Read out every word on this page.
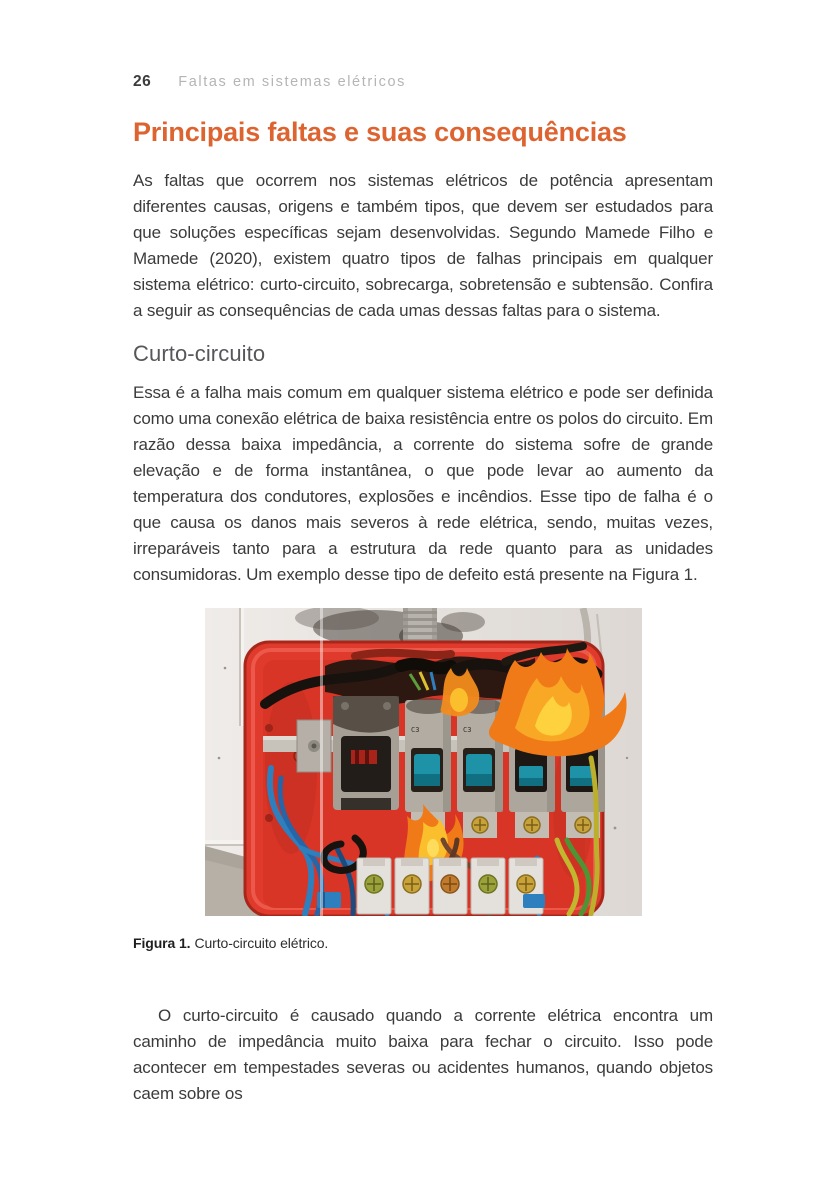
26 Faltas em sistemas elétricos
Principais faltas e suas consequências

As faltas que ocorrem nos sistemas elétricos de potência apresentam diferentes causas, origens e também tipos, que devem ser estudados para que soluções específicas sejam desenvolvidas. Segundo Mamede Filho e Mamede (2020), existem quatro tipos de falhas principais em qualquer sistema elétrico: curto-circuito, sobrecarga, sobretensão e subtensão. Confira a seguir as consequências de cada umas dessas faltas para o sistema.

Curto-circuito

Essa é a falha mais comum em qualquer sistema elétrico e pode ser definida como uma conexão elétrica de baixa resistência entre os polos do circuito. Em razão dessa baixa impedância, a corrente do sistema sofre de grande elevação e de forma instantânea, o que pode levar ao aumento da temperatura dos condutores, explosões e incêndios. Esse tipo de falha é o que causa os danos mais severos à rede elétrica, sendo, muitas vezes, irreparáveis tanto para a estrutura da rede quanto para as unidades consumidoras. Um exemplo desse tipo de defeito está presente na Figura 1.

C3	C3

Figura 1. Curto-circuito elétrico.

O curto-circuito é causado quando a corrente elétrica encontra um caminho de impedância muito baixa para fechar o circuito. Isso pode acontecer em tempestades severas ou acidentes humanos, quando objetos caem sobre os
